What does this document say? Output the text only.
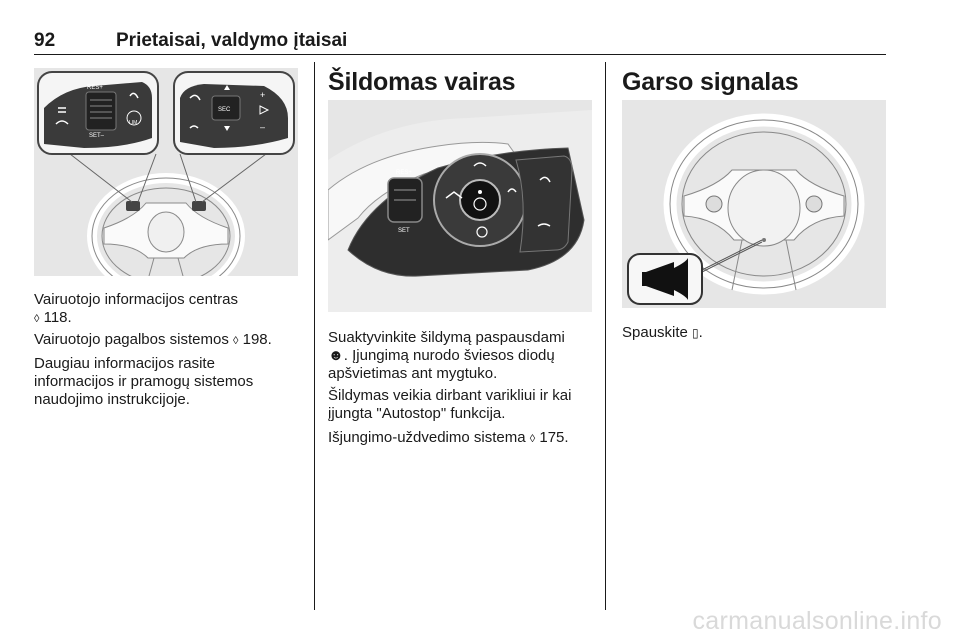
92	Prietaisai, valdymo įtaisai
RES+
SET–
LIM
SEC
+
–

Vairuotojo informacijos centras
◊ 118.

Vairuotojo pagalbos sistemos ◊ 198.

Daugiau informacijos rasite
informacijos ir pramogų sistemos
naudojimo instrukcijoje.

Šildomas vairas
RES+
SET

Suaktyvinkite šildymą paspausdami
☻. Įjungimą nurodo šviesos diodų
apšvietimas ant mygtuko.

Šildymas veikia dirbant varikliui ir kai
įjungta "Autostop" funkcija.

Išjungimo-uždvedimo sistema ◊ 175.

Garso signalas

Spauskite ▯.

carmanualsonline.info
